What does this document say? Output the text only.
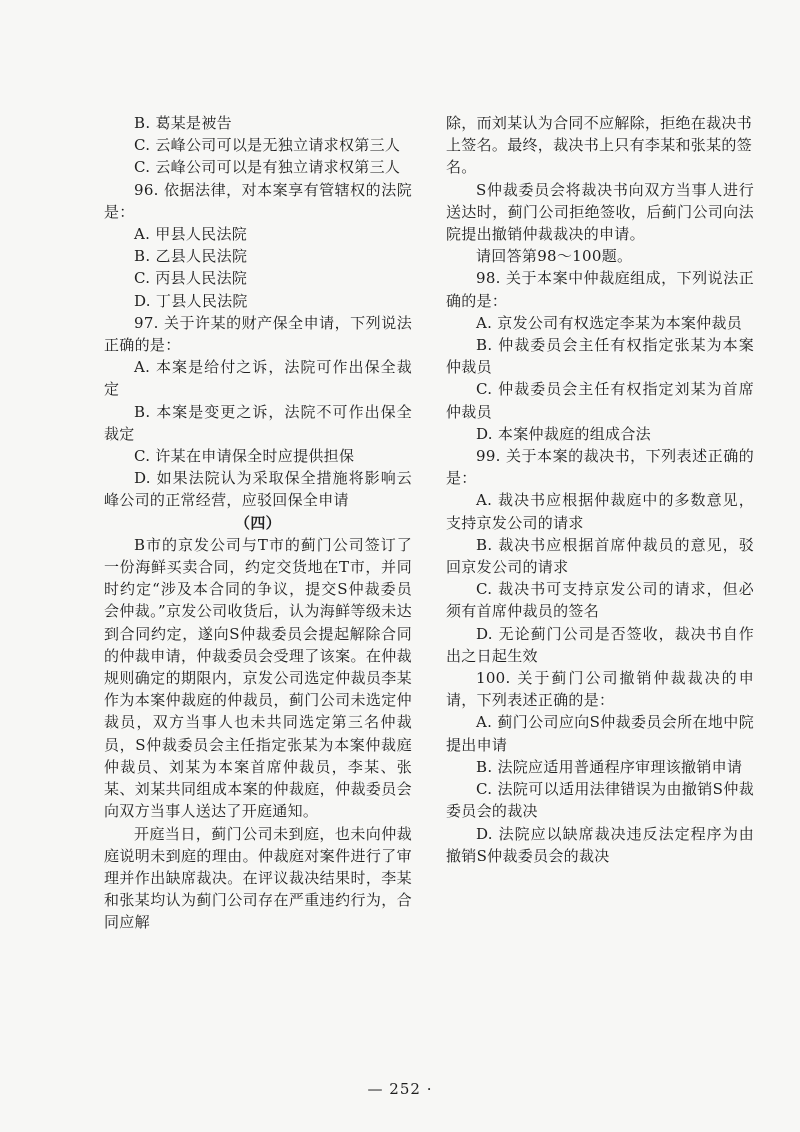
B. 葛某是被告

C. 云峰公司可以是无独立请求权第三人

C. 云峰公司可以是有独立请求权第三人

96. 依据法律，对本案享有管辖权的法院是：

A. 甲县人民法院

B. 乙县人民法院

C. 丙县人民法院

D. 丁县人民法院

97. 关于许某的财产保全申请，下列说法正确的是：

A. 本案是给付之诉，法院可作出保全裁定

B. 本案是变更之诉，法院不可作出保全裁定

C. 许某在申请保全时应提供担保

D. 如果法院认为采取保全措施将影响云峰公司的正常经营，应驳回保全申请

（四）

B市的京发公司与T市的蓟门公司签订了一份海鲜买卖合同，约定交货地在T市，并同时约定“涉及本合同的争议，提交S仲裁委员会仲裁。”京发公司收货后，认为海鲜等级未达到合同约定，遂向S仲裁委员会提起解除合同的仲裁申请，仲裁委员会受理了该案。在仲裁规则确定的期限内，京发公司选定仲裁员李某作为本案仲裁庭的仲裁员，蓟门公司未选定仲裁员，双方当事人也未共同选定第三名仲裁员，S仲裁委员会主任指定张某为本案仲裁庭仲裁员、刘某为本案首席仲裁员，李某、张某、刘某共同组成本案的仲裁庭，仲裁委员会向双方当事人送达了开庭通知。

开庭当日，蓟门公司未到庭，也未向仲裁庭说明未到庭的理由。仲裁庭对案件进行了审理并作出缺席裁决。在评议裁决结果时，李某和张某均认为蓟门公司存在严重违约行为，合同应解

除，而刘某认为合同不应解除，拒绝在裁决书上签名。最终，裁决书上只有李某和张某的签名。

S仲裁委员会将裁决书向双方当事人进行送达时，蓟门公司拒绝签收，后蓟门公司向法院提出撤销仲裁裁决的申请。

请回答第98～100题。

98. 关于本案中仲裁庭组成，下列说法正确的是：

A. 京发公司有权选定李某为本案仲裁员

B. 仲裁委员会主任有权指定张某为本案仲裁员

C. 仲裁委员会主任有权指定刘某为首席仲裁员

D. 本案仲裁庭的组成合法

99. 关于本案的裁决书，下列表述正确的是：

A. 裁决书应根据仲裁庭中的多数意见，支持京发公司的请求

B. 裁决书应根据首席仲裁员的意见，驳回京发公司的请求

C. 裁决书可支持京发公司的请求，但必须有首席仲裁员的签名

D. 无论蓟门公司是否签收，裁决书自作出之日起生效

100. 关于蓟门公司撤销仲裁裁决的申请，下列表述正确的是：

A. 蓟门公司应向S仲裁委员会所在地中院提出申请

B. 法院应适用普通程序审理该撤销申请

C. 法院可以适用法律错误为由撤销S仲裁委员会的裁决

D. 法院应以缺席裁决违反法定程序为由撤销S仲裁委员会的裁决

— 252 ·
